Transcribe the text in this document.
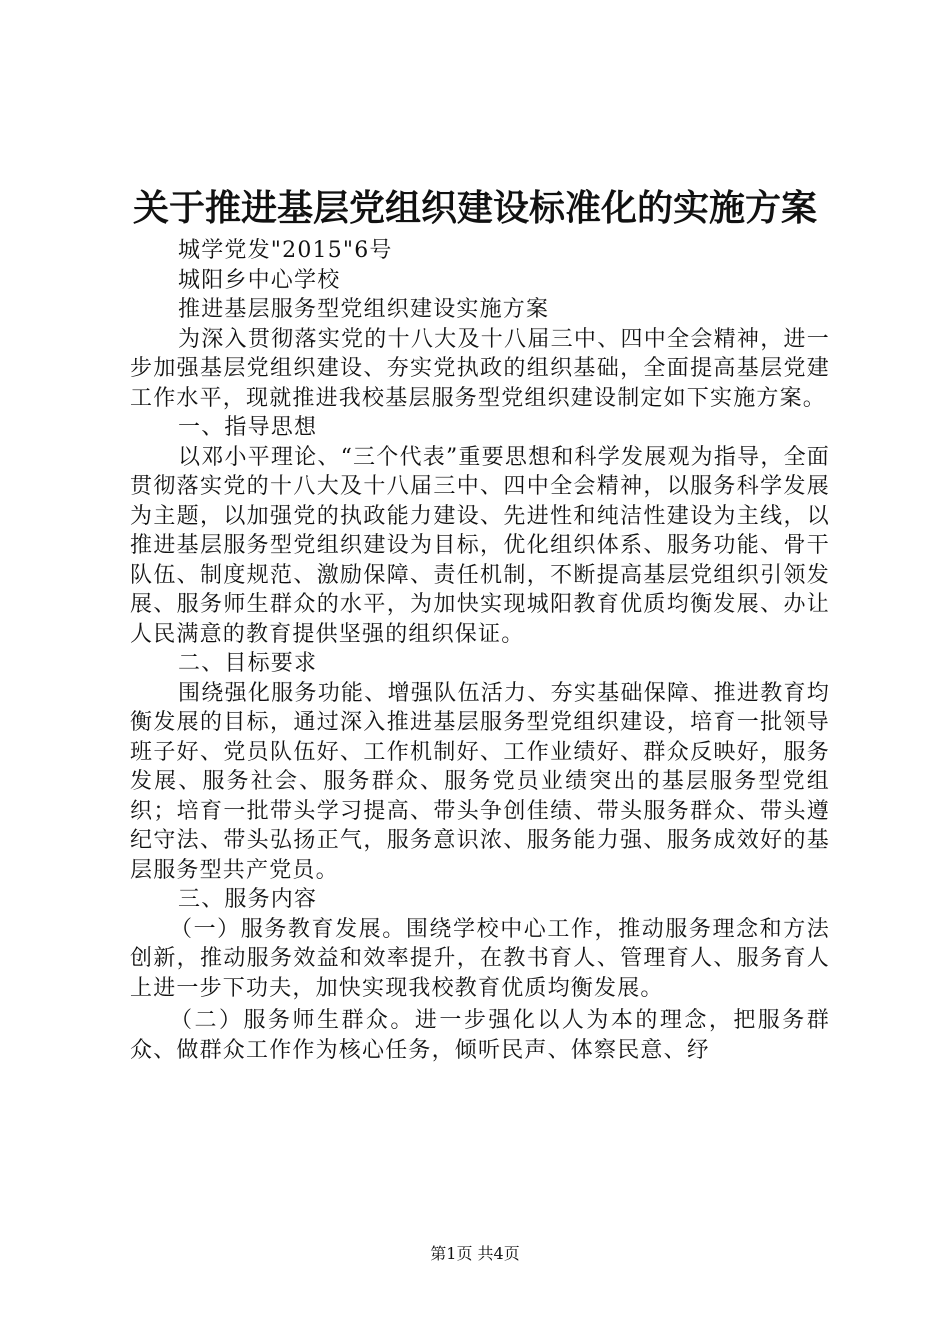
关于推进基层党组织建设标准化的实施方案

城学党发"2015"6号

城阳乡中心学校

推进基层服务型党组织建设实施方案

为深入贯彻落实党的十八大及十八届三中、四中全会精神，进一步加强基层党组织建设、夯实党执政的组织基础，全面提高基层党建工作水平，现就推进我校基层服务型党组织建设制定如下实施方案。

一、指导思想

以邓小平理论、“三个代表”重要思想和科学发展观为指导，全面贯彻落实党的十八大及十八届三中、四中全会精神，以服务科学发展为主题，以加强党的执政能力建设、先进性和纯洁性建设为主线，以推进基层服务型党组织建设为目标，优化组织体系、服务功能、骨干队伍、制度规范、激励保障、责任机制，不断提高基层党组织引领发展、服务师生群众的水平，为加快实现城阳教育优质均衡发展、办让人民满意的教育提供坚强的组织保证。

二、目标要求

围绕强化服务功能、增强队伍活力、夯实基础保障、推进教育均衡发展的目标，通过深入推进基层服务型党组织建设，培育一批领导班子好、党员队伍好、工作机制好、工作业绩好、群众反映好，服务发展、服务社会、服务群众、服务党员业绩突出的基层服务型党组织；培育一批带头学习提高、带头争创佳绩、带头服务群众、带头遵纪守法、带头弘扬正气，服务意识浓、服务能力强、服务成效好的基层服务型共产党员。

三、服务内容

（一）服务教育发展。围绕学校中心工作，推动服务理念和方法创新，推动服务效益和效率提升，在教书育人、管理育人、服务育人上进一步下功夫，加快实现我校教育优质均衡发展。

（二）服务师生群众。进一步强化以人为本的理念，把服务群众、做群众工作作为核心任务，倾听民声、体察民意、纾

第1页 共4页
